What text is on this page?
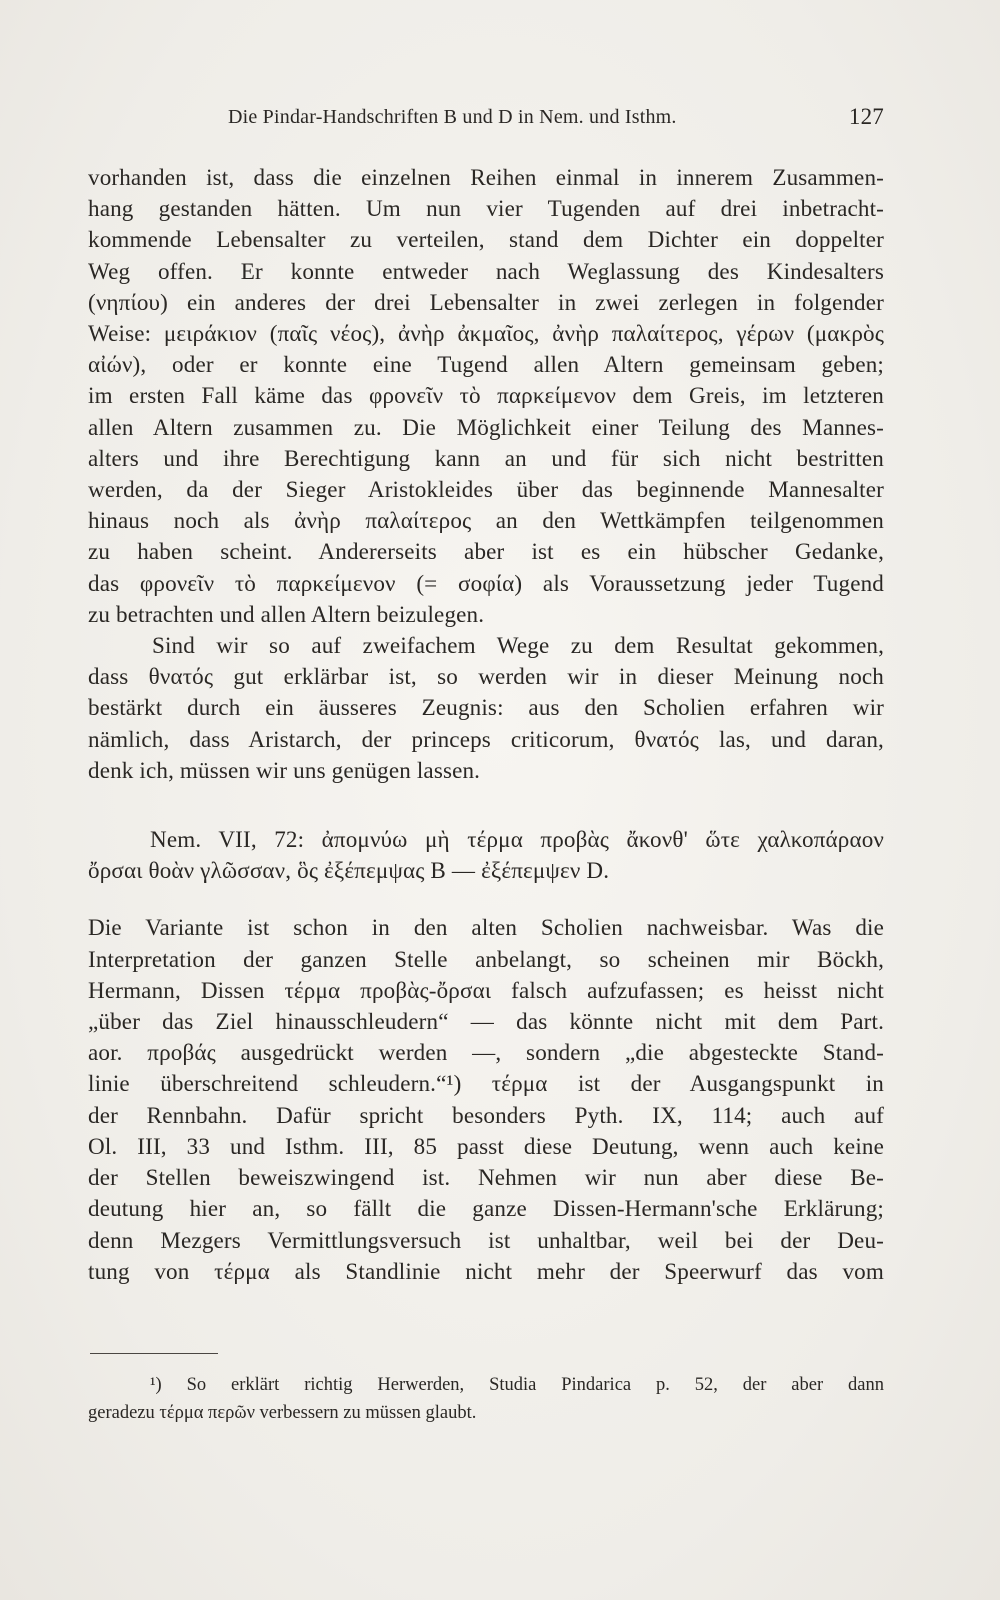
Die Pindar-Handschriften B und D in Nem. und Isthm.	127

vorhanden ist, dass die einzelnen Reihen einmal in innerem Zusammen-
hang gestanden hätten. Um nun vier Tugenden auf drei inbetracht-
kommende Lebensalter zu verteilen, stand dem Dichter ein doppelter
Weg offen. Er konnte entweder nach Weglassung des Kindesalters
(νηπίου) ein anderes der drei Lebensalter in zwei zerlegen in folgender
Weise: μειράκιον (παῖς νέος), ἀνὴρ ἀκμαῖος, ἀνὴρ παλαίτερος, γέρων (μακρὸς
αἰών), oder er konnte eine Tugend allen Altern gemeinsam geben;
im ersten Fall käme das φρονεῖν τὸ παρκείμενον dem Greis, im letzteren
allen Altern zusammen zu. Die Möglichkeit einer Teilung des Mannes-
alters und ihre Berechtigung kann an und für sich nicht bestritten
werden, da der Sieger Aristokleides über das beginnende Mannesalter
hinaus noch als ἀνὴρ παλαίτερος an den Wettkämpfen teilgenommen
zu haben scheint. Andererseits aber ist es ein hübscher Gedanke,
das φρονεῖν τὸ παρκείμενον (= σοφία) als Voraussetzung jeder Tugend
zu betrachten und allen Altern beizulegen.

Sind wir so auf zweifachem Wege zu dem Resultat gekommen,
dass θνατός gut erklärbar ist, so werden wir in dieser Meinung noch
bestärkt durch ein äusseres Zeugnis: aus den Scholien erfahren wir
nämlich, dass Aristarch, der princeps criticorum, θνατός las, und daran,
denk ich, müssen wir uns genügen lassen.

Nem. VII, 72: ἀπομνύω μὴ τέρμα προβὰς ἄκονθ' ὥτε χαλκοπάραον
ὄρσαι θοὰν γλῶσσαν, ὃς ἐξέπεμψας B — ἐξέπεμψεν D.

Die Variante ist schon in den alten Scholien nachweisbar. Was die
Interpretation der ganzen Stelle anbelangt, so scheinen mir Böckh,
Hermann, Dissen τέρμα προβὰς-ὄρσαι falsch aufzufassen; es heisst nicht
„über das Ziel hinausschleudern“ — das könnte nicht mit dem Part.
aor. προβάς ausgedrückt werden —, sondern „die abgesteckte Stand-
linie überschreitend schleudern.“¹) τέρμα ist der Ausgangspunkt in
der Rennbahn. Dafür spricht besonders Pyth. IX, 114; auch auf
Ol. III, 33 und Isthm. III, 85 passt diese Deutung, wenn auch keine
der Stellen beweiszwingend ist. Nehmen wir nun aber diese Be-
deutung hier an, so fällt die ganze Dissen-Hermann'sche Erklärung;
denn Mezgers Vermittlungsversuch ist unhaltbar, weil bei der Deu-
tung von τέρμα als Standlinie nicht mehr der Speerwurf das vom

¹) So erklärt richtig Herwerden, Studia Pindarica p. 52, der aber dann
geradezu τέρμα περῶν verbessern zu müssen glaubt.
